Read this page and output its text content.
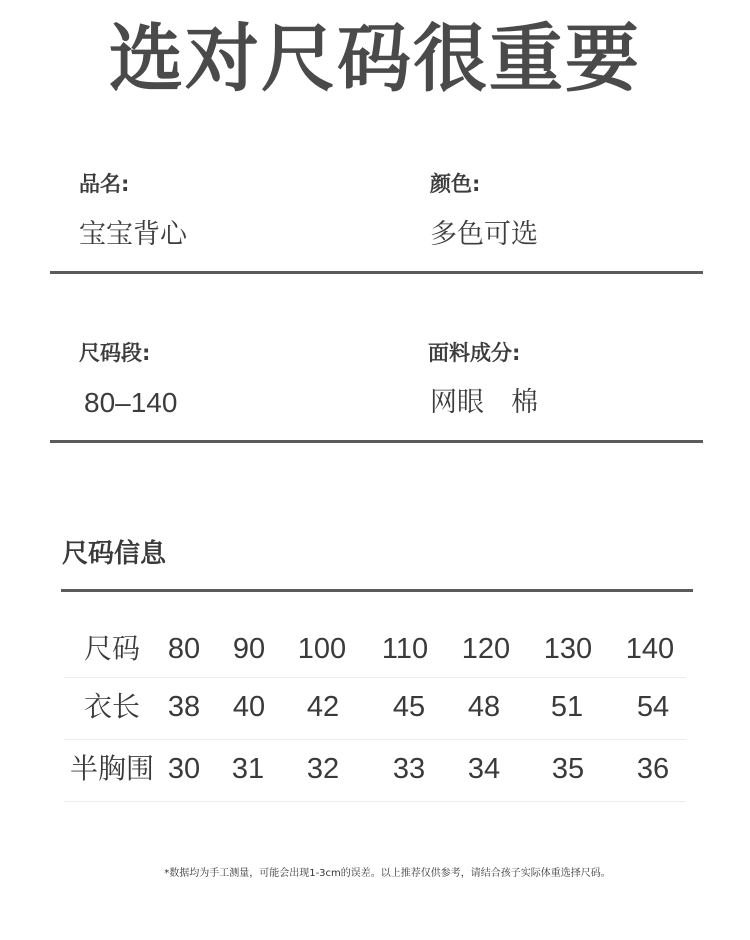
选对尺码很重要
品名:
宝宝背心
颜色:
多色可选
尺码段:
80–140
面料成分:
网眼　棉
尺码信息
尺码 80	90	100	110	120	130	140
衣长 38	40	42	45	48	51	54
半胸围 30	31	32	33	34	35	36
*数据均为手工测量，可能会出现1-3cm的误差。以上推荐仅供参考，请结合孩子实际体重选择尺码。
